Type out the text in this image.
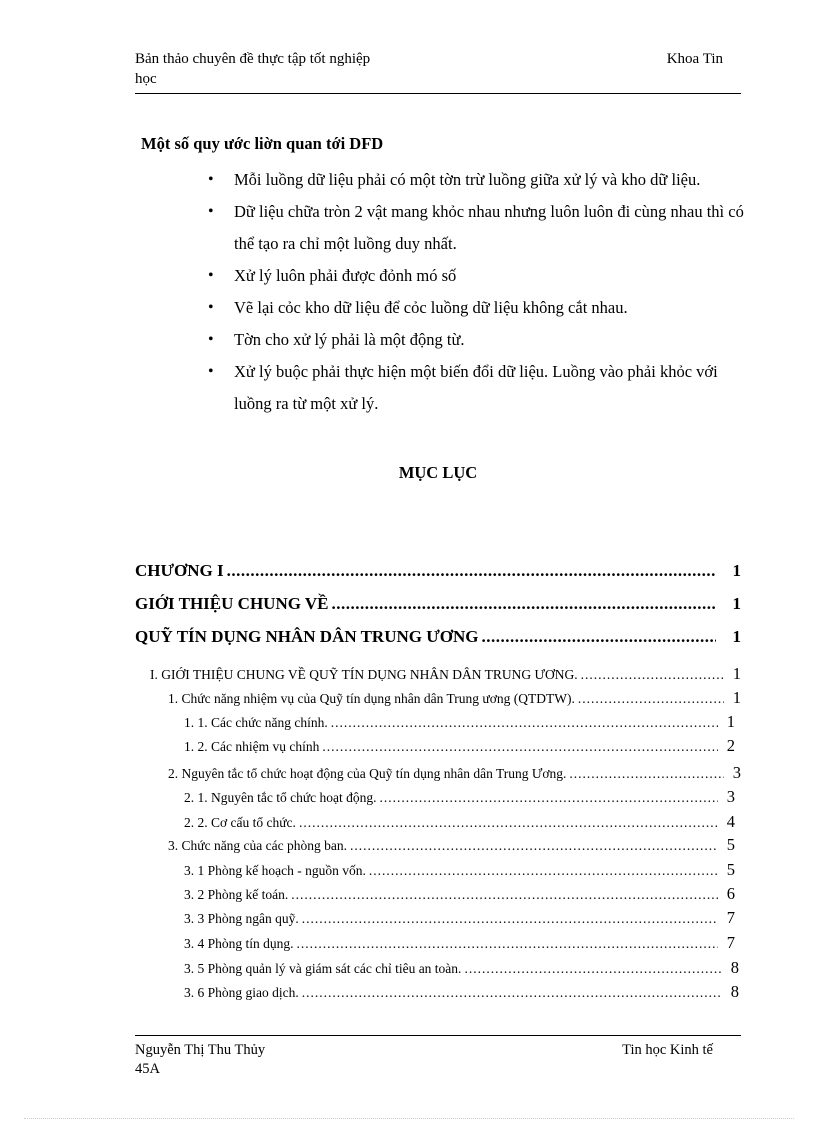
Bản thảo chuyên đề thực tập tốt nghiệp
học
Khoa Tin
Một số quy ước liờn quan tới DFD
• Mỗi luồng dữ liệu phải có một tờn trừ luồng giữa xử lý và kho dữ liệu.
• Dữ liệu chữa tròn 2 vật mang khỏc nhau nhưng luôn luôn đi cùng nhau thì có thể tạo ra chỉ một luồng duy nhất.
• Xử lý luôn phải được đỏnh mó số
• Vẽ lại cỏc kho dữ liệu để cỏc luồng dữ liệu không cắt nhau.
• Tờn cho xử lý phải là một động từ.
• Xử lý buộc phải thực hiện một biến đổi dữ liệu. Luồng vào phải khỏc với luồng ra từ một xử lý.
MỤC LỤC
CHƯƠNG I .....	1
GIỚI THIỆU CHUNG VỀ .....	1
QUỸ TÍN DỤNG NHÂN DÂN TRUNG ƯƠNG .....	1
I. GIỚI THIỆU CHUNG VỀ QUỸ TÍN DỤNG NHÂN DÂN TRUNG ƯƠNG. .....	1
1. Chức năng nhiệm vụ của Quỹ tín dụng nhân dân Trung ương (QTDTW). .....	1
1. 1. Các chức năng chính. .....	1
1. 2. Các nhiệm vụ chính .....	2
2. Nguyên tắc tổ chức hoạt động của Quỹ tín dụng nhân dân Trung Ương. .....	3
2. 1. Nguyên tắc tổ chức hoạt động. .....	3
2. 2. Cơ cấu tổ chức. .....	4
3. Chức năng của các phòng ban. .....	5
3. 1 Phòng kế hoạch - nguồn vốn. .....	5
3. 2 Phòng kế toán. .....	6
3. 3 Phòng ngân quỹ. .....	7
3. 4 Phòng tín dụng. .....	7
3. 5 Phòng quản lý và giám sát các chỉ tiêu an toàn. .....	8
3. 6 Phòng giao dịch. .....	8
Nguyễn Thị Thu Thủy
45A
Tin học Kinh tế
